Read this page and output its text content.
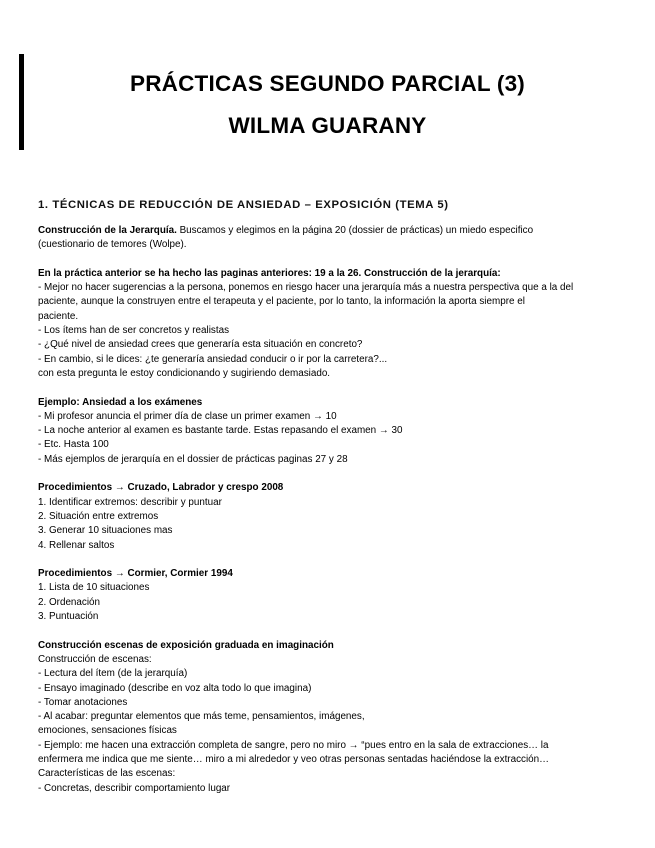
PRÁCTICAS SEGUNDO PARCIAL (3)
WILMA GUARANY
1. TÉCNICAS DE REDUCCIÓN DE ANSIEDAD – EXPOSICIÓN (TEMA 5)
Construcción de la Jerarquía. Buscamos y elegimos en la página 20 (dossier de prácticas) un miedo especifico
(cuestionario de temores (Wolpe).
En la práctica anterior se ha hecho las paginas anteriores: 19 a la 26. Construcción de la jerarquía:
- Mejor no hacer sugerencias a la persona, ponemos en riesgo hacer una jerarquía más a nuestra perspectiva que a la del
paciente, aunque la construyen entre el terapeuta y el paciente, por lo tanto, la información la aporta siempre el
paciente.
- Los ítems han de ser concretos y realistas
- ¿Qué nivel de ansiedad crees que generaría esta situación en concreto?
- En cambio, si le dices: ¿te generaría ansiedad conducir o ir por la carretera?...
con esta pregunta le estoy condicionando y sugiriendo demasiado.
Ejemplo: Ansiedad a los exámenes
- Mi profesor anuncia el primer día de clase un primer examen → 10
- La noche anterior al examen es bastante tarde. Estas repasando el examen → 30
- Etc. Hasta 100
- Más ejemplos de jerarquía en el dossier de prácticas paginas 27 y 28
Procedimientos → Cruzado, Labrador y crespo 2008
1. Identificar extremos: describir y puntuar
2. Situación entre extremos
3. Generar 10 situaciones mas
4. Rellenar saltos
Procedimientos → Cormier, Cormier 1994
1. Lista de 10 situaciones
2. Ordenación
3. Puntuación
Construcción escenas de exposición graduada en imaginación
Construcción de escenas:
- Lectura del ítem (de la jerarquía)
- Ensayo imaginado (describe en voz alta todo lo que imagina)
- Tomar anotaciones
- Al acabar: preguntar elementos que más teme, pensamientos, imágenes,
emociones, sensaciones físicas
- Ejemplo: me hacen una extracción completa de sangre, pero no miro → “pues entro en la sala de extracciones… la
enfermera me indica que me siente… miro a mi alrededor y veo otras personas sentadas haciéndose la extracción…
Características de las escenas:
- Concretas, describir comportamiento lugar
